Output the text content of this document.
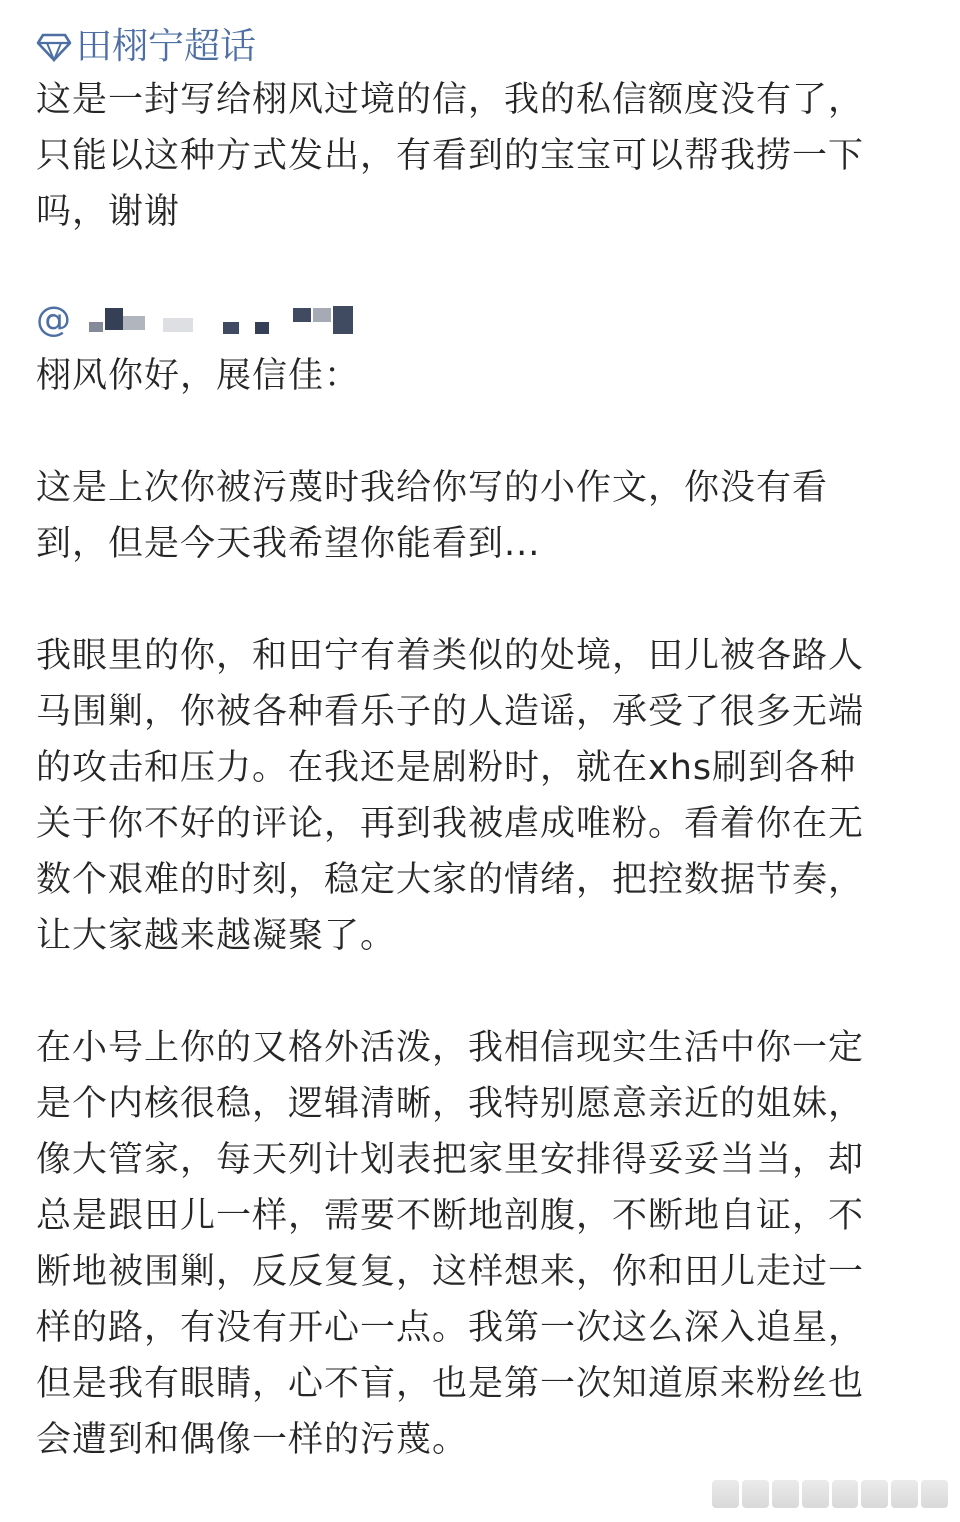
田栩宁超话

这是一封写给栩风过境的信，我的私信额度没有了，
只能以这种方式发出，有看到的宝宝可以帮我捞一下
吗，谢谢

@

栩风你好，展信佳：

这是上次你被污蔑时我给你写的小作文，你没有看
到，但是今天我希望你能看到...

我眼里的你，和田宁有着类似的处境，田儿被各路人
马围剿，你被各种看乐子的人造谣，承受了很多无端
的攻击和压力。在我还是剧粉时，就在xhs刷到各种
关于你不好的评论，再到我被虐成唯粉。看着你在无
数个艰难的时刻，稳定大家的情绪，把控数据节奏，
让大家越来越凝聚了。

在小号上你的又格外活泼，我相信现实生活中你一定
是个内核很稳，逻辑清晰，我特别愿意亲近的姐妹，
像大管家，每天列计划表把家里安排得妥妥当当，却
总是跟田儿一样，需要不断地剖腹，不断地自证，不
断地被围剿，反反复复，这样想来，你和田儿走过一
样的路，有没有开心一点。我第一次这么深入追星，
但是我有眼睛，心不盲，也是第一次知道原来粉丝也
会遭到和偶像一样的污蔑。
